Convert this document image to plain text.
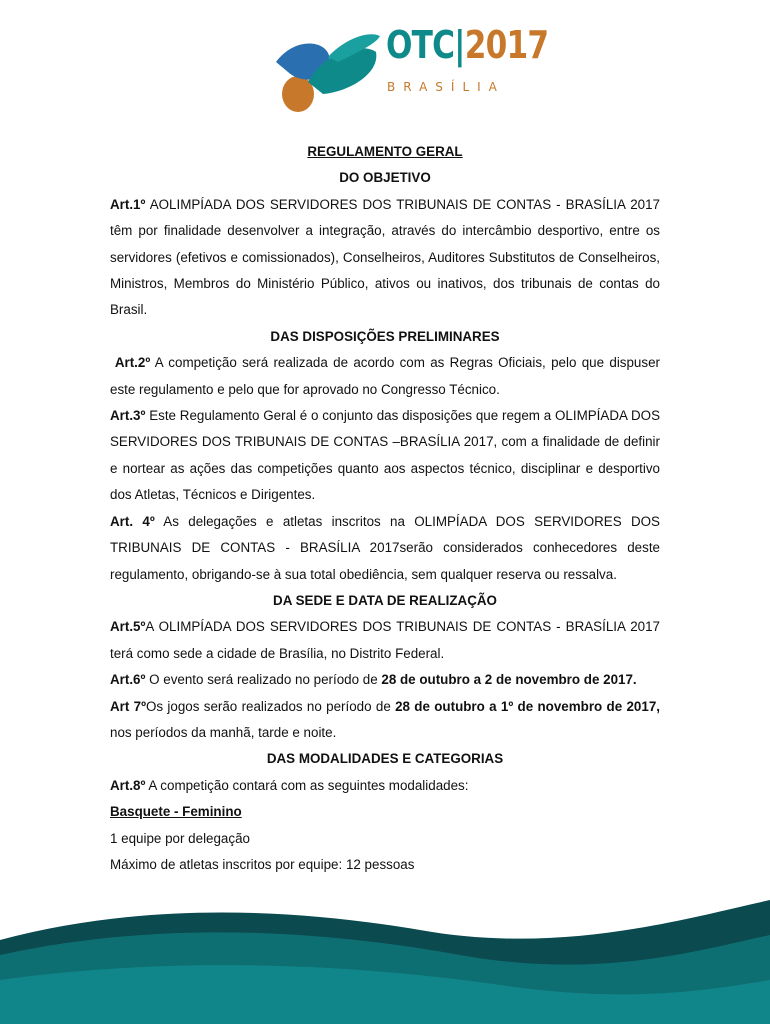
OTC|2017
BRASÍLIA

REGULAMENTO GERAL

DO OBJETIVO

Art.1º AOLIMPÍADA DOS SERVIDORES DOS TRIBUNAIS DE CONTAS - BRASÍLIA 2017 têm por finalidade desenvolver a integração, através do intercâmbio desportivo, entre os servidores (efetivos e comissionados), Conselheiros, Auditores Substitutos de Conselheiros, Ministros, Membros do Ministério Público, ativos ou inativos, dos tribunais de contas do Brasil.

DAS DISPOSIÇÕES PRELIMINARES

Art.2º A competição será realizada de acordo com as Regras Oficiais, pelo que dispuser este regulamento e pelo que for aprovado no Congresso Técnico.

Art.3º Este Regulamento Geral é o conjunto das disposições que regem a OLIMPÍADA DOS SERVIDORES DOS TRIBUNAIS DE CONTAS –BRASÍLIA 2017, com a finalidade de definir e nortear as ações das competições quanto aos aspectos técnico, disciplinar e desportivo dos Atletas, Técnicos e Dirigentes.

Art. 4º As delegações e atletas inscritos na OLIMPÍADA DOS SERVIDORES DOS TRIBUNAIS DE CONTAS - BRASÍLIA 2017serão considerados conhecedores deste regulamento, obrigando-se à sua total obediência, sem qualquer reserva ou ressalva.

DA SEDE E DATA DE REALIZAÇÃO

Art.5ºA OLIMPÍADA DOS SERVIDORES DOS TRIBUNAIS DE CONTAS - BRASÍLIA 2017 terá como sede a cidade de Brasília, no Distrito Federal.

Art.6º O evento será realizado no período de 28 de outubro a 2 de novembro de 2017.

Art 7ºOs jogos serão realizados no período de 28 de outubro a 1º de novembro de 2017, nos períodos da manhã, tarde e noite.

DAS MODALIDADES E CATEGORIAS

Art.8º A competição contará com as seguintes modalidades:

Basquete - Feminino

1 equipe por delegação

Máximo de atletas inscritos por equipe: 12 pessoas
